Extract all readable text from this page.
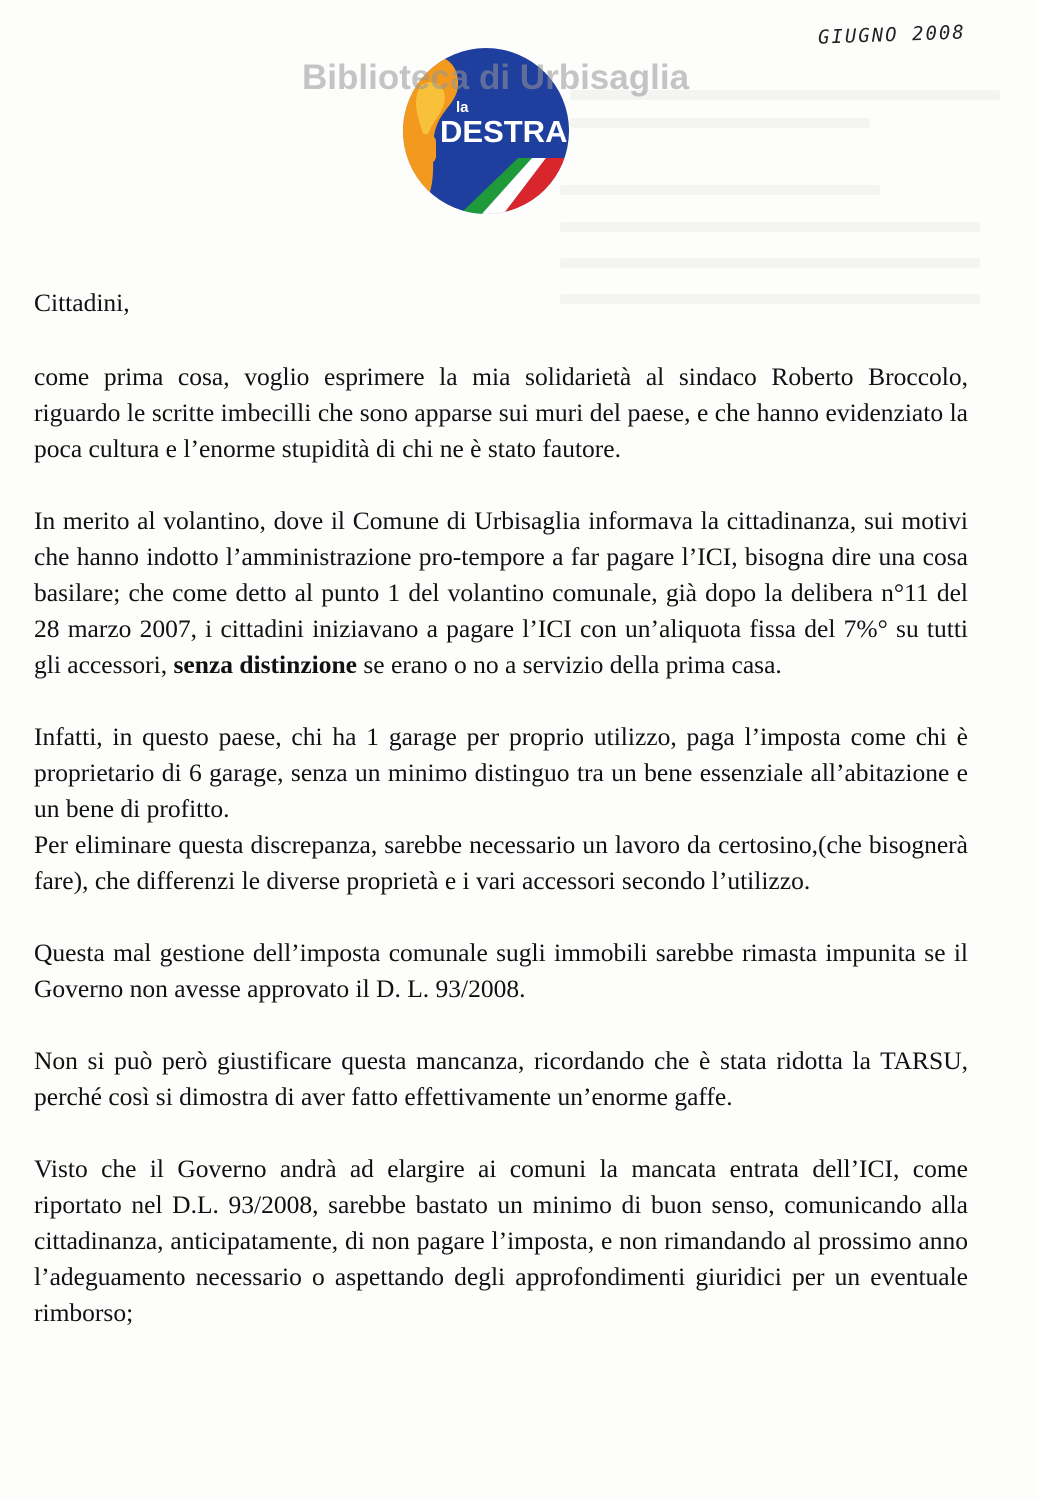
GIUGNO 2008
la
DESTRA
Biblioteca di Urbisaglia

Cittadini,

come prima cosa, voglio esprimere la mia solidarietà al sindaco Roberto Broccolo, riguardo le scritte imbecilli che sono apparse sui muri del paese, e che hanno evidenziato la poca cultura e l’enorme stupidità di chi ne è stato fautore.

In merito al volantino, dove il Comune di Urbisaglia informava la cittadinanza, sui motivi che hanno indotto l’amministrazione pro-tempore a far pagare l’ICI, bisogna dire una cosa basilare; che come detto al punto 1 del volantino comunale, già dopo la delibera n°11 del 28 marzo 2007, i cittadini iniziavano a pagare l’ICI con un’aliquota fissa del 7%° su tutti gli accessori, senza distinzione se erano o no a servizio della prima casa.

Infatti, in questo paese, chi ha 1 garage per proprio utilizzo, paga l’imposta come chi è proprietario di 6 garage, senza un minimo distinguo tra un bene essenziale all’abitazione e un bene di profitto.

Per eliminare questa discrepanza, sarebbe necessario un lavoro da certosino,(che bisognerà fare), che differenzi le diverse proprietà e i vari accessori secondo l’utilizzo.

Questa mal gestione dell’imposta comunale sugli immobili sarebbe rimasta impunita se il Governo non avesse approvato il D. L. 93/2008.

Non si può però giustificare questa mancanza, ricordando che è stata ridotta la TARSU, perché così si dimostra di aver fatto effettivamente un’enorme gaffe.

Visto che il Governo andrà ad elargire ai comuni la mancata entrata dell’ICI, come riportato nel D.L. 93/2008, sarebbe bastato un minimo di buon senso, comunicando alla cittadinanza, anticipatamente, di non pagare l’imposta, e non rimandando al prossimo anno l’adeguamento necessario o aspettando degli approfondimenti giuridici per un eventuale rimborso;
